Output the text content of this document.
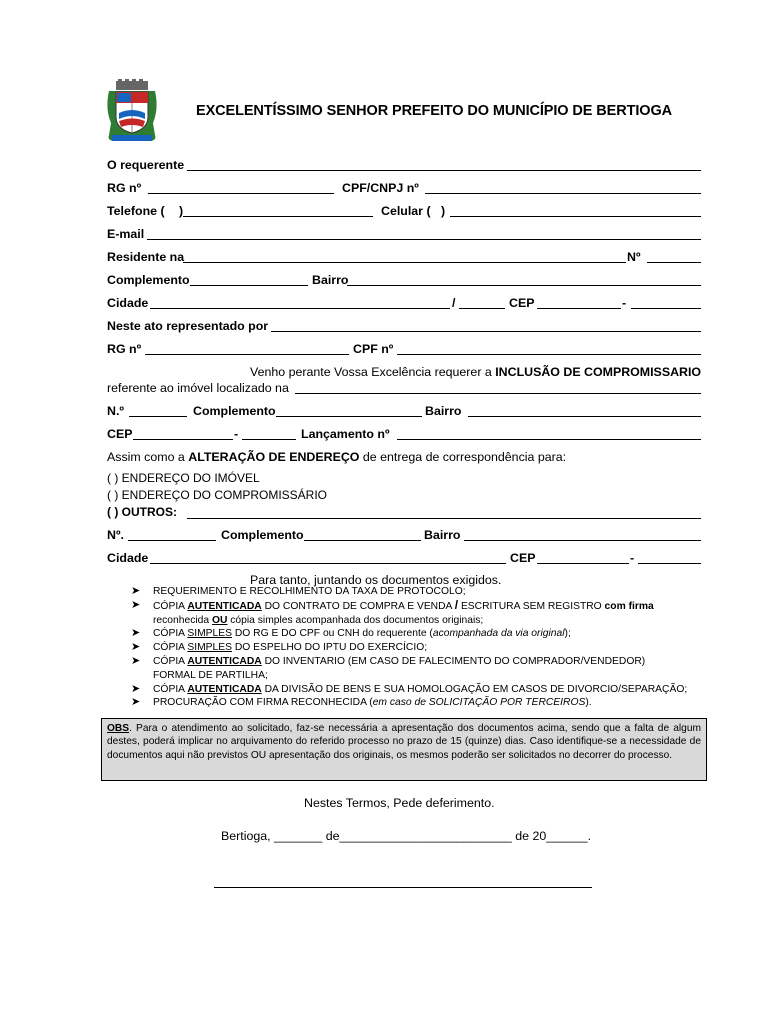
EXCELENTÍSSIMO SENHOR PREFEITO DO MUNICÍPIO DE BERTIOGA
O requerente
RG nº	CPF/CNPJ nº
Telefone ( )	Celular ( )
E-mail
Residente na	Nº
Complemento	Bairro
Cidade	/	CEP	-
Neste ato representado por
RG nº	CPF nº
Venho perante Vossa Excelência requerer a INCLUSÃO DE COMPROMISSARIO
referente ao imóvel localizado na
N.º	Complemento	Bairro
CEP	-	Lançamento nº
Assim como a ALTERAÇÃO DE ENDEREÇO de entrega de correspondência para:
( ) ENDEREÇO DO IMÓVEL
( ) ENDEREÇO DO COMPROMISSÁRIO
( ) OUTROS:
Nº.	Complemento	Bairro
Cidade	CEP	-
Para tanto, juntando os documentos exigidos.
➤ REQUERIMENTO E RECOLHIMENTO DA TAXA DE PROTOCOLO;
➤ CÓPIA AUTENTICADA DO CONTRATO DE COMPRA E VENDA / ESCRITURA SEM REGISTRO com firma
reconhecida OU cópia simples acompanhada dos documentos originais;
➤ CÓPIA SIMPLES DO RG E DO CPF ou CNH do requerente (acompanhada da via original);
➤ CÓPIA SIMPLES DO ESPELHO DO IPTU DO EXERCÍCIO;
➤ CÓPIA AUTENTICADA DO INVENTARIO (EM CASO DE FALECIMENTO DO COMPRADOR/VENDEDOR)
FORMAL DE PARTILHA;
➤ CÓPIA AUTENTICADA DA DIVISÃO DE BENS E SUA HOMOLOGAÇÃO EM CASOS DE DIVORCIO/SEPARAÇÃO;
➤ PROCURAÇÃO COM FIRMA RECONHECIDA (em caso de SOLICITAÇÃO POR TERCEIROS).
OBS. Para o atendimento ao solicitado, faz-se necessária a apresentação dos documentos acima, sendo que a falta de algum destes, poderá implicar no arquivamento do referido processo no prazo de 15 (quinze) dias. Caso identifique-se a necessidade de documentos aqui não previstos OU apresentação dos originais, os mesmos poderão ser solicitados no decorrer do processo.
Nestes Termos, Pede deferimento.
Bertioga, _______ de_________________________ de 20______.
